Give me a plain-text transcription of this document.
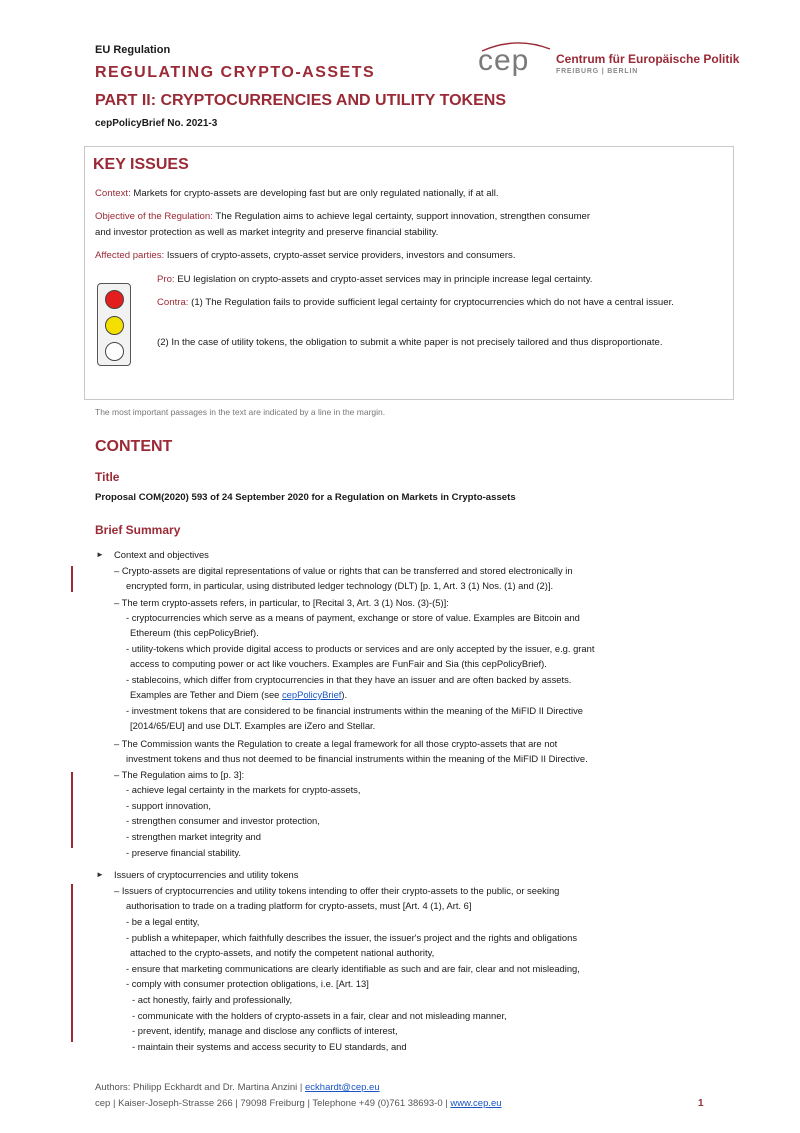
EU Regulation
REGULATING CRYPTO-ASSETS
PART II: CRYPTOCURRENCIES AND UTILITY TOKENS
cepPolicyBrief No. 2021-3
cep Centrum für Europäische Politik
FREIBURG | BERLIN
KEY ISSUES
Context: Markets for crypto-assets are developing fast but are only regulated nationally, if at all.
Objective of the Regulation: The Regulation aims to achieve legal certainty, support innovation, strengthen consumer
and investor protection as well as market integrity and preserve financial stability.
Affected parties: Issuers of crypto-assets, crypto-asset service providers, investors and consumers.
Pro: EU legislation on crypto-assets and crypto-asset services may in principle increase legal certainty.
Contra: (1) The Regulation fails to provide sufficient legal certainty for cryptocurrencies which do not have a central issuer.
(2) In the case of utility tokens, the obligation to submit a white paper is not precisely tailored and thus disproportionate.
The most important passages in the text are indicated by a line in the margin.
CONTENT
Title
Proposal COM(2020) 593 of 24 September 2020 for a Regulation on Markets in Crypto-assets
Brief Summary
► Context and objectives
– Crypto-assets are digital representations of value or rights that can be transferred and stored electronically in
encrypted form, in particular, using distributed ledger technology (DLT) [p. 1, Art. 3 (1) Nos. (1) and (2)].
– The term crypto-assets refers, in particular, to [Recital 3, Art. 3 (1) Nos. (3)-(5)]:
- cryptocurrencies which serve as a means of payment, exchange or store of value. Examples are Bitcoin and
Ethereum (this cepPolicyBrief).
- utility-tokens which provide digital access to products or services and are only accepted by the issuer, e.g. grant
access to computing power or act like vouchers. Examples are FunFair and Sia (this cepPolicyBrief).
- stablecoins, which differ from cryptocurrencies in that they have an issuer and are often backed by assets.
Examples are Tether and Diem (see cepPolicyBrief).
- investment tokens that are considered to be financial instruments within the meaning of the MiFID II Directive
[2014/65/EU] and use DLT. Examples are iZero and Stellar.
– The Commission wants the Regulation to create a legal framework for all those crypto-assets that are not
investment tokens and thus not deemed to be financial instruments within the meaning of the MiFID II Directive.
– The Regulation aims to [p. 3]:
- achieve legal certainty in the markets for crypto-assets,
- support innovation,
- strengthen consumer and investor protection,
- strengthen market integrity and
- preserve financial stability.
► Issuers of cryptocurrencies and utility tokens
– Issuers of cryptocurrencies and utility tokens intending to offer their crypto-assets to the public, or seeking
authorisation to trade on a trading platform for crypto-assets, must [Art. 4 (1), Art. 6]
- be a legal entity,
- publish a whitepaper, which faithfully describes the issuer, the issuer's project and the rights and obligations
attached to the crypto-assets, and notify the competent national authority,
- ensure that marketing communications are clearly identifiable as such and are fair, clear and not misleading,
- comply with consumer protection obligations, i.e. [Art. 13]
- act honestly, fairly and professionally,
- communicate with the holders of crypto-assets in a fair, clear and not misleading manner,
- prevent, identify, manage and disclose any conflicts of interest,
- maintain their systems and access security to EU standards, and
Authors: Philipp Eckhardt and Dr. Martina Anzini | eckhardt@cep.eu
cep | Kaiser-Joseph-Strasse 266 | 79098 Freiburg | Telephone +49 (0)761 38693-0 | www.cep.eu	1
